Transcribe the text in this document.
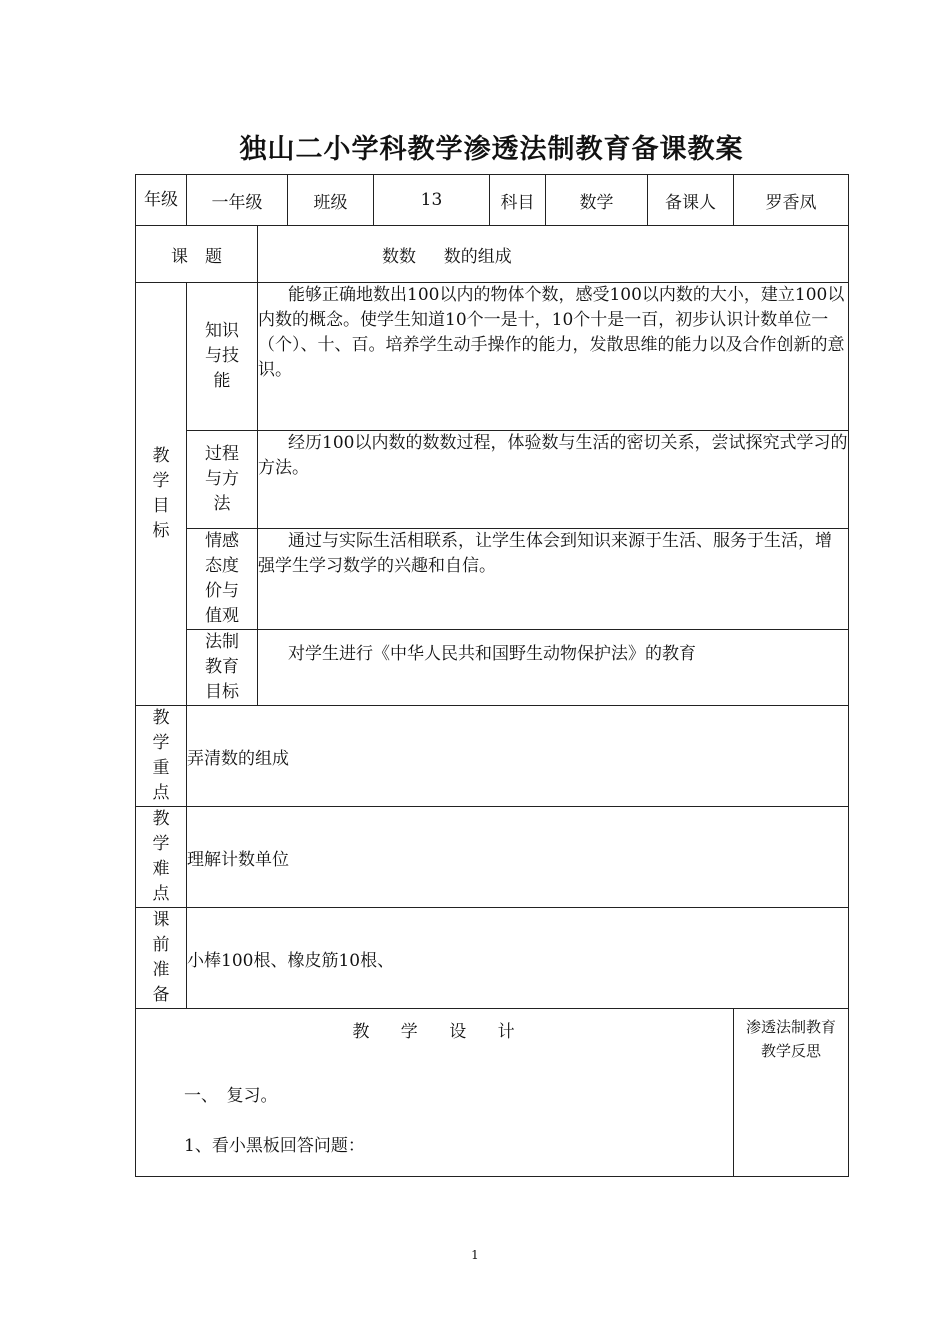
独山二小学科教学渗透法制教育备课教案
年级	一年级		班级	13	科目	数学	备课人	罗香凤
课　题		数数　  数的组成						
教学目标	知识与技能	能够正确地数出100以内的物体个数，感受100以内数的大小，建立100以内数的概念。使学生知道10个一是十，10个十是一百，初步认识计数单位一（个）、十、百。培养学生动手操作的能力，发散思维的能力以及合作创新的意识。						
	过程与方法	经历100以内数的数数过程，体验数与生活的密切关系，尝试探究式学习的方法。						
	情感态度价与值观	通过与实际生活相联系，让学生体会到知识来源于生活、服务于生活，增强学生学习数学的兴趣和自信。						
	法制教育目标	对学生进行《中华人民共和国野生动物保护法》的教育						
教学重点	弄清数的组成							
教学难点	理解计数单位							
课前准备	小棒100根、橡皮筋10根、							

教 学 设 计
一、　复习。
1、看小黑板回答问题：								渗透法制教育教学反思
1
